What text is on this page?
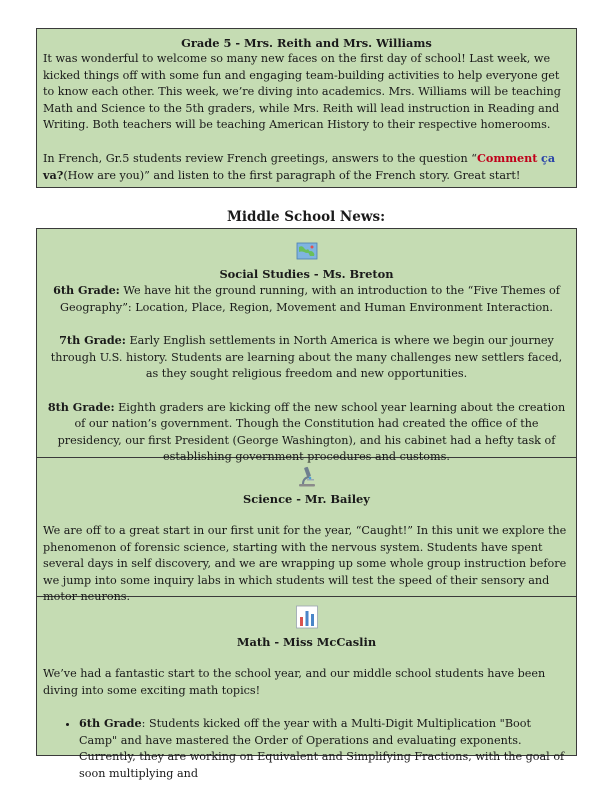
Grade 5 - Mrs. Reith and Mrs. Williams

It was wonderful to welcome so many new faces on the first day of school! Last week, we kicked things off with some fun and engaging team-building activities to help everyone get to know each other. This week, we’re diving into academics. Mrs. Williams will be teaching Math and Science to the 5th graders, while Mrs. Reith will lead instruction in Reading and Writing. Both teachers will be teaching American History to their respective homerooms.

In French, Gr.5 students review French greetings, answers to the question “Comment ça va?(How are you)” and listen to the first paragraph of the French story. Great start!

Middle School News:
Social Studies - Ms. Breton

6th Grade: We have hit the ground running, with an introduction to the “Five Themes of Geography”: Location, Place, Region, Movement and Human Environment Interaction.

7th Grade: Early English settlements in North America is where we begin our journey through U.S. history. Students are learning about the many challenges new settlers faced, as they sought religious freedom and new opportunities.

8th Grade: Eighth graders are kicking off the new school year learning about the creation of our nation’s government. Though the Constitution had created the office of the presidency, our first President (George Washington), and his cabinet had a hefty task of establishing government procedures and customs.

Science - Mr. Bailey

We are off to a great start in our first unit for the year, “Caught!” In this unit we explore the phenomenon of forensic science, starting with the nervous system. Students have spent several days in self discovery, and we are wrapping up some whole group instruction before we jump into some inquiry labs in which students will test the speed of their sensory and motor neurons.

Math - Miss McCaslin

We’ve had a fantastic start to the school year, and our middle school students have been diving into some exciting math topics!

• 6th Grade: Students kicked off the year with a Multi-Digit Multiplication "Boot Camp" and have mastered the Order of Operations and evaluating exponents. Currently, they are working on Equivalent and Simplifying Fractions, with the goal of soon multiplying and
